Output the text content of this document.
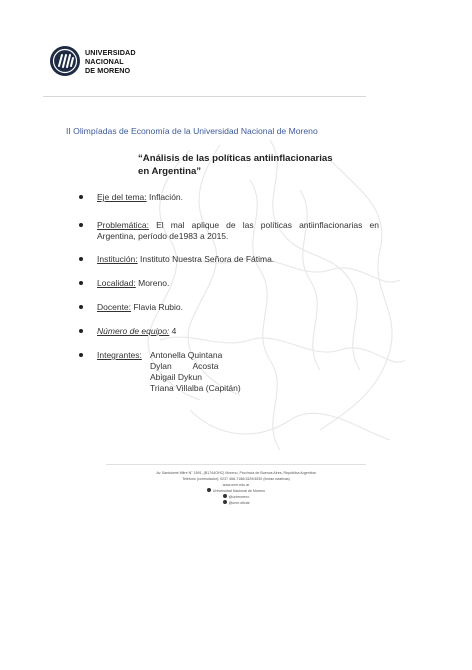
UNIVERSIDAD
NACIONAL
DE MORENO
II Olimpíadas de Economía de la Universidad Nacional de Moreno
“Análisis de las políticas antiinflacionarias
en Argentina”
Eje del tema: Inflación.
Problemática: El mal aplique de las políticas antiinflacionarias en Argentina, período de1983 a 2015.
Institución: Instituto Nuestra Señora de Fátima.
Localidad: Moreno.
Docente: Flavia Rubio.
Número de equipo: 4
Integrantes: Antonella Quintana
Dylan         Acosta
Abigail Dykun
Triana Villalba (Capitán)
Av. Bartolomé Mitre N° 1891, (B1744OHC) Moreno, Provincia de Buenos Aires, República Argentina
Teléfono (conmutador): 0237 466-7186/1529/4530 (líneas rotativas)
www.unm.edu.ar
Universidad Nacional de Moreno
@unimoreno
@unm.oficial
